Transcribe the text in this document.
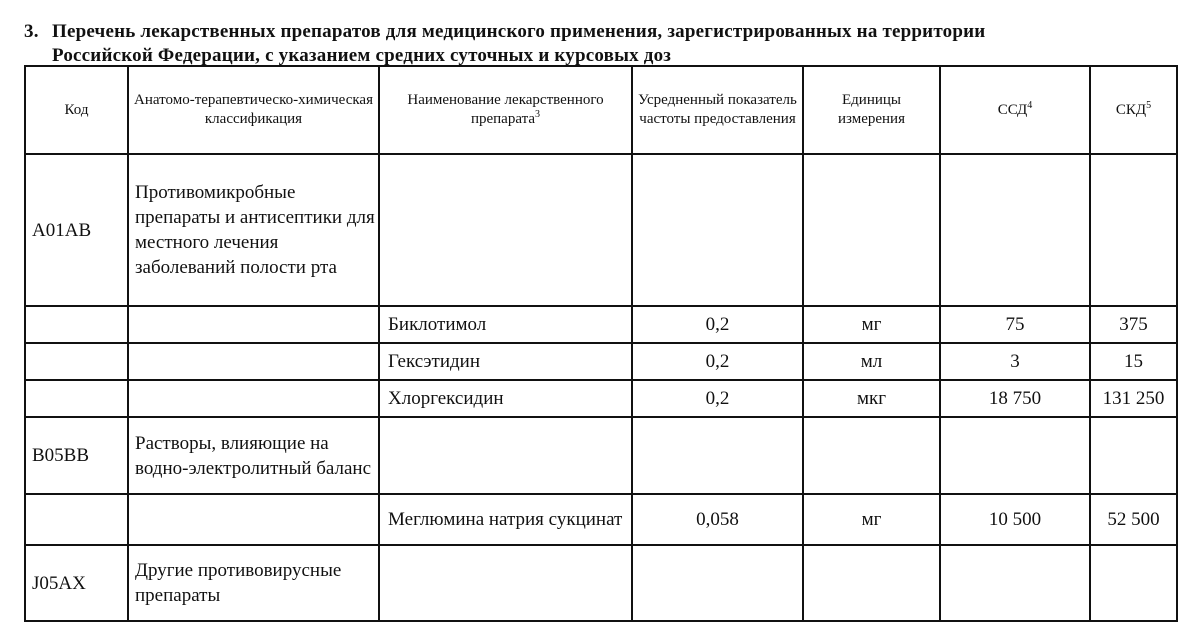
3. Перечень лекарственных препаратов для медицинского применения, зарегистрированных на территории
Российской Федерации, с указанием средних суточных и курсовых доз
Код	Анатомо-терапевтическо-химическая классификация	Наименование лекарственного препарата$^3$	Усредненный показатель частоты предоставления	Единицы измерения	ССД$^4$	СКД$^5$

A01AB	Противомикробные препараты и антисептики для местного лечения заболеваний полости рта					
		Биклотимол	0,2	мг	75	375
		Гексэтидин	0,2	мл	3	15
		Хлоргексидин	0,2	мкг	18 750	131 250
B05BB	Растворы, влияющие на водно-электролитный баланс					
		Меглюмина натрия сукцинат	0,058	мг	10 500	52 500
J05AX	Другие противовирусные препараты					
